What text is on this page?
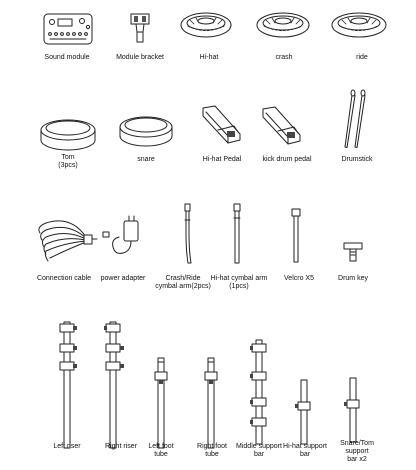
Sound module	Module bracket	Hi-hat	crash	ride
Tom
(3pcs)
snare	Hi-hat Pedal	kick drum pedal	Drumstick
Connection cable	power adapter	Crash/Ride
cymbal arm(2pcs)
Hi-hat cymbal arm
(1pcs)
Velcro X5	Drum key
Left riser	Right riser	Left foot
tube
Right foot
tube
Middle support
bar
Hi-hat support
bar
Snare/Tom
support
bar x2
